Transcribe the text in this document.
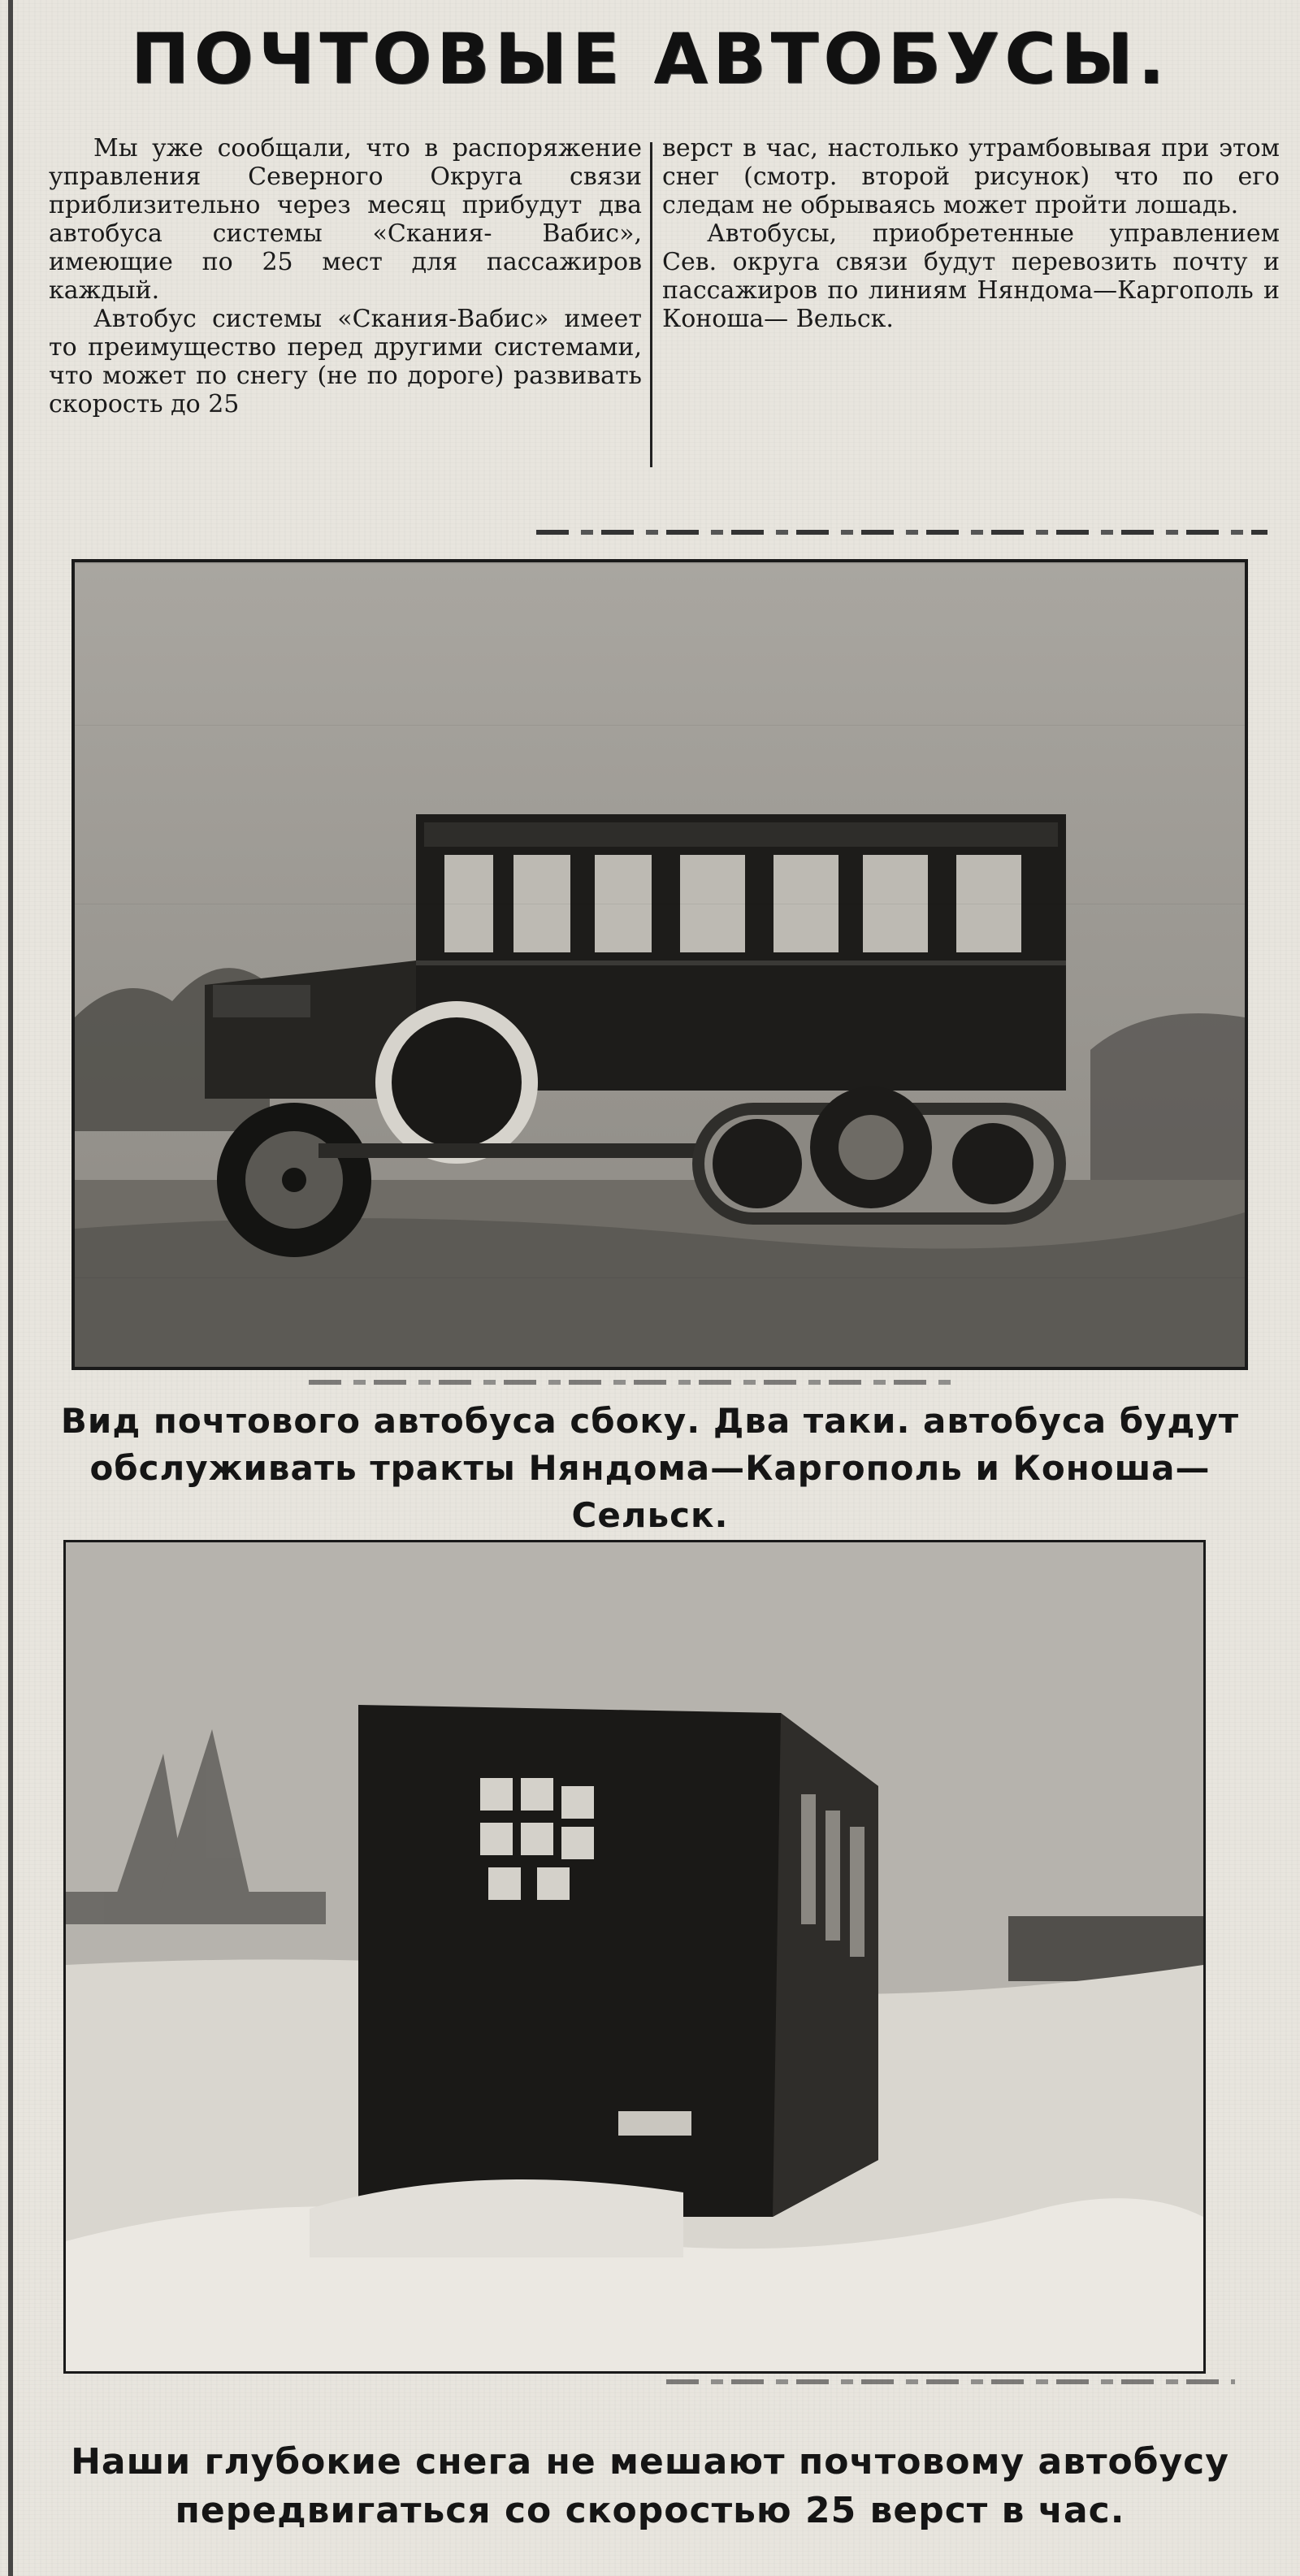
ПОЧТОВЫЕ АВТОБУСЫ.

Мы уже сообщали, что в распоряжение управления Северного Округа связи приблизительно через месяц прибудут два автобуса системы «Скания- Вабис», имеющие по 25 мест для пассажиров каждый.

Автобус системы «Скания-Вабис» имеет то преимущество перед другими системами, что может по снегу (не по дороге) развивать скорость до 25

верст в час, настолько утрамбовывая при этом снег (смотр. второй рисунок) что по его следам не обрываясь может пройти лошадь.

Автобусы, приобретенные управлением Сев. округа связи будут перевозить почту и пассажиров по линиям Няндома—Каргополь и Коноша— Вельск.

Вид почтового автобуса сбоку. Два таки. автобуса будут обслуживать тракты Няндома—Каргополь и Коноша—Сельск.
Наши глубокие снега не мешают почтовому автобусу передвигаться со скоростью 25 верст в час.
